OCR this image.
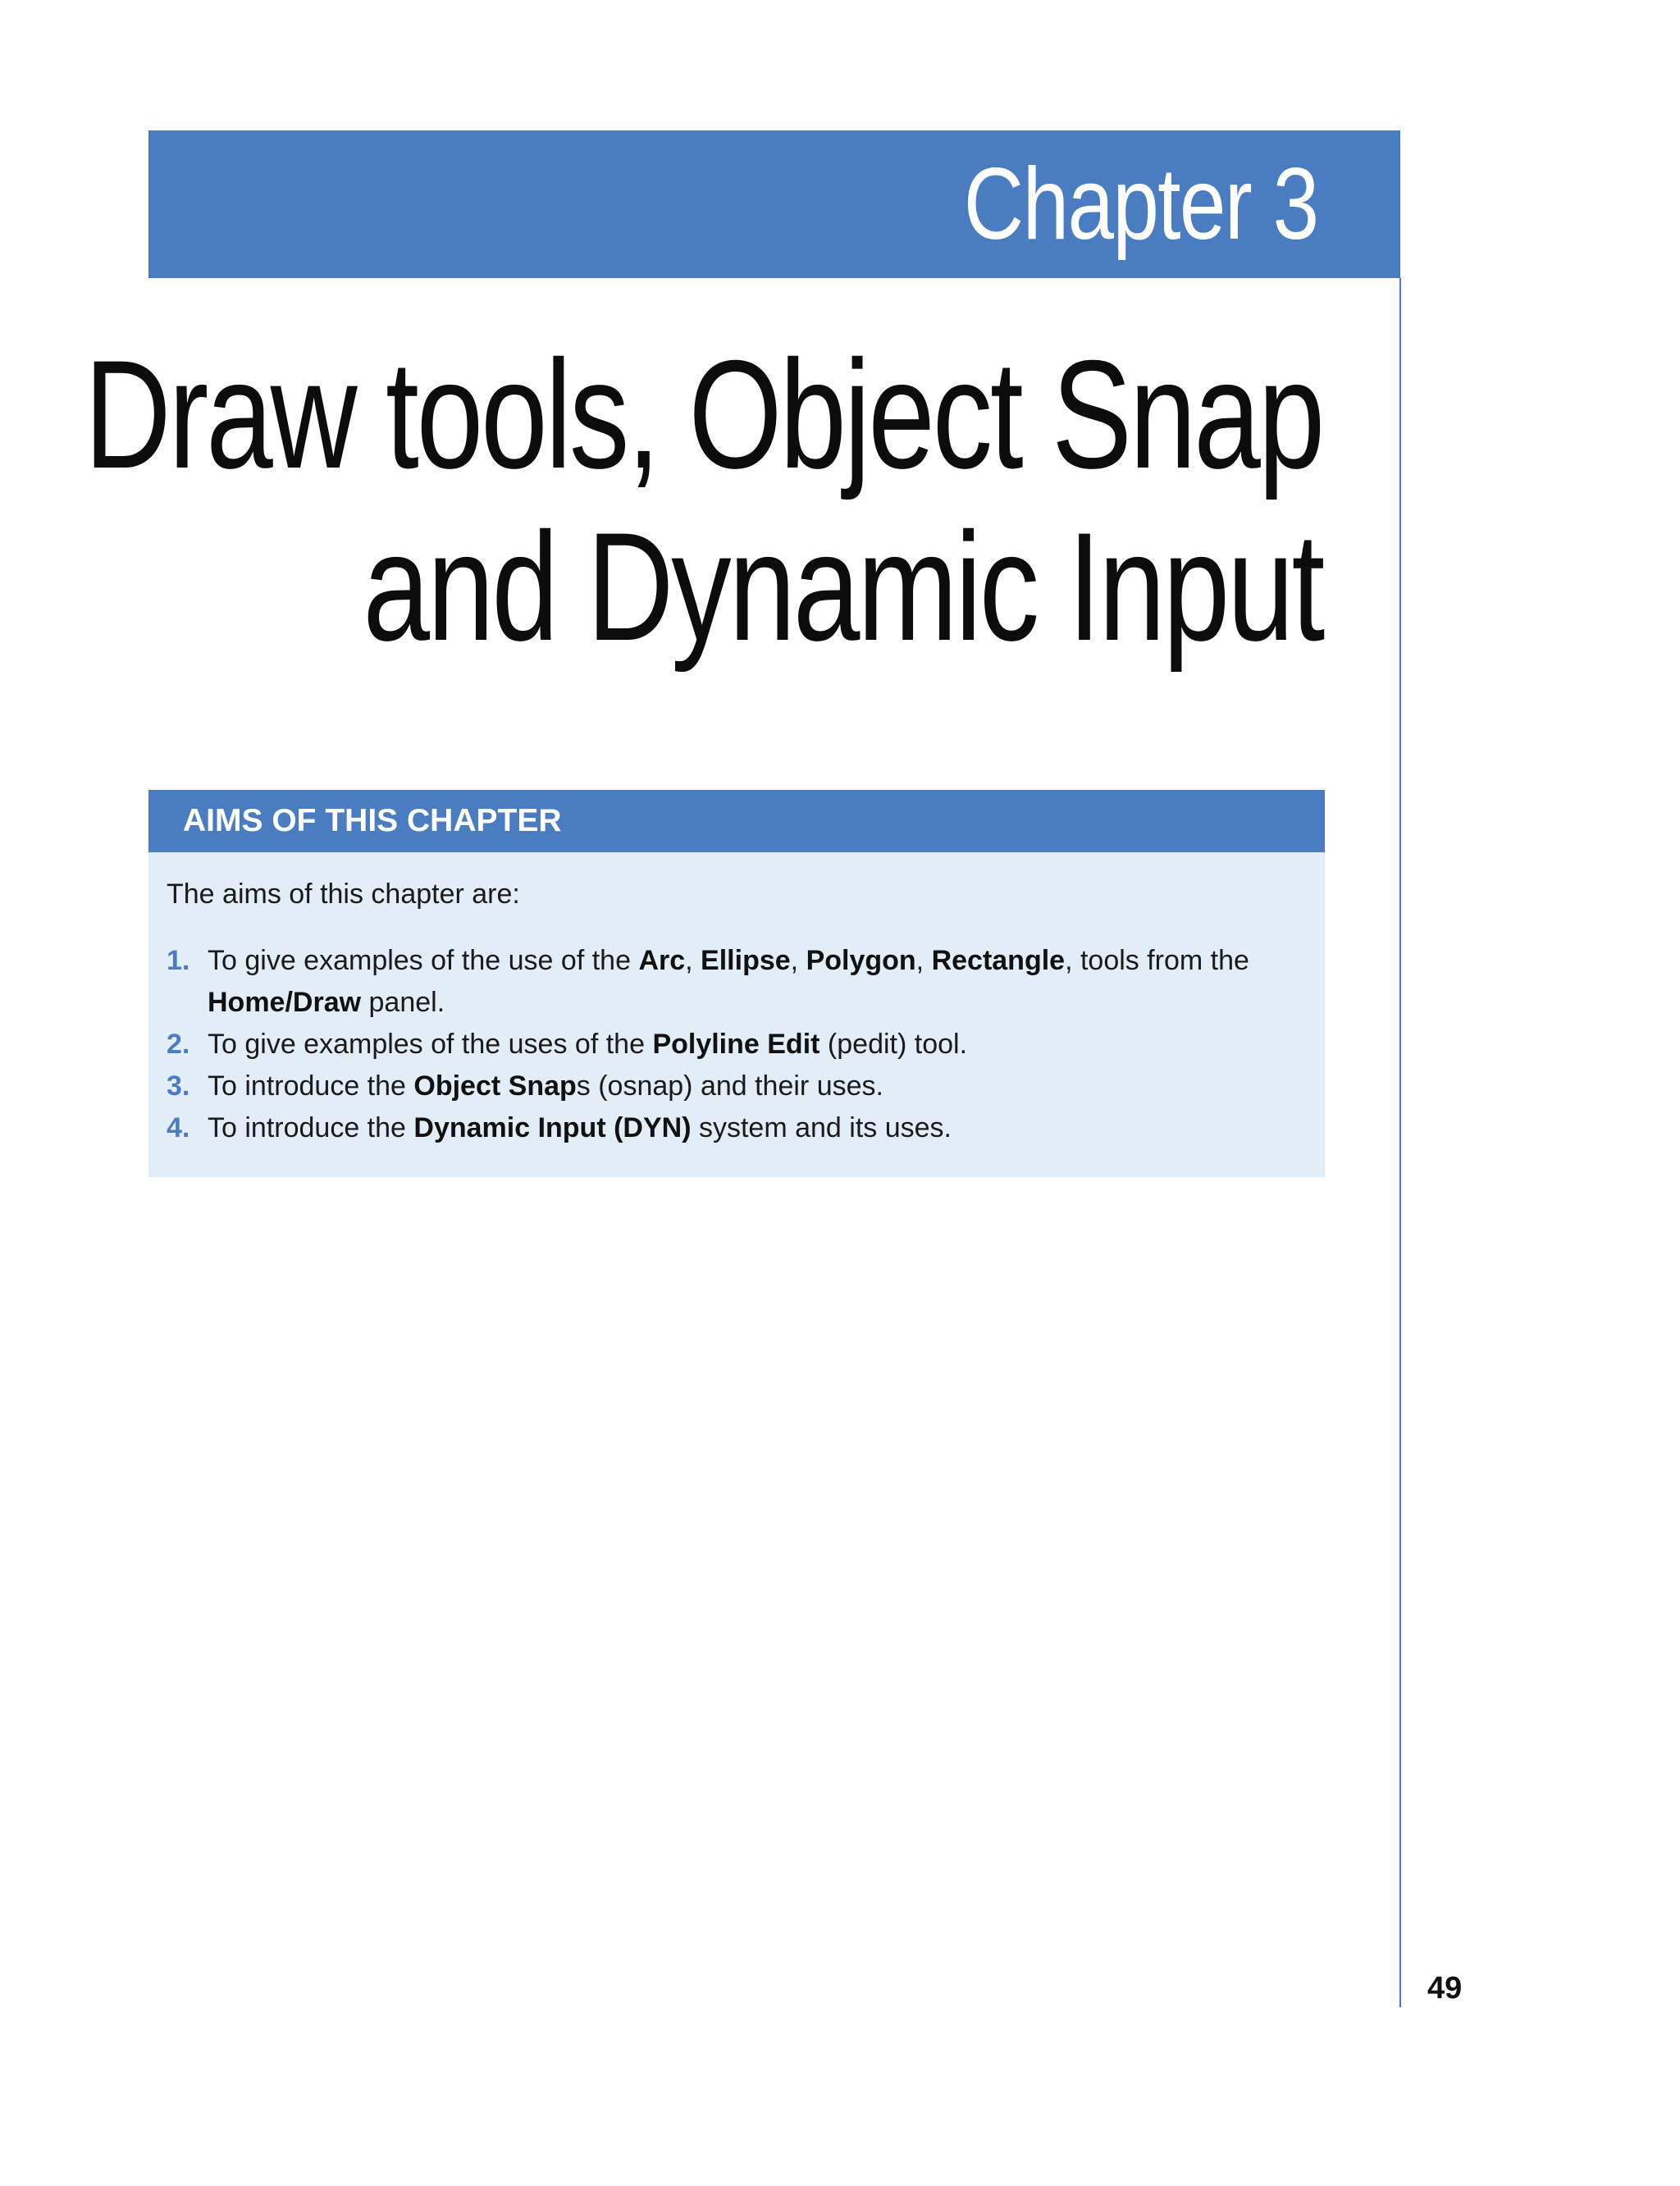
Chapter 3
Draw tools, Object Snap
and Dynamic Input
AIMS OF THIS CHAPTER
The aims of this chapter are:
1. To give examples of the use of the Arc, Ellipse, Polygon, Rectangle, tools from the Home/Draw panel.
2. To give examples of the uses of the Polyline Edit (pedit) tool.
3. To introduce the Object Snaps (osnap) and their uses.
4. To introduce the Dynamic Input (DYN) system and its uses.
49
